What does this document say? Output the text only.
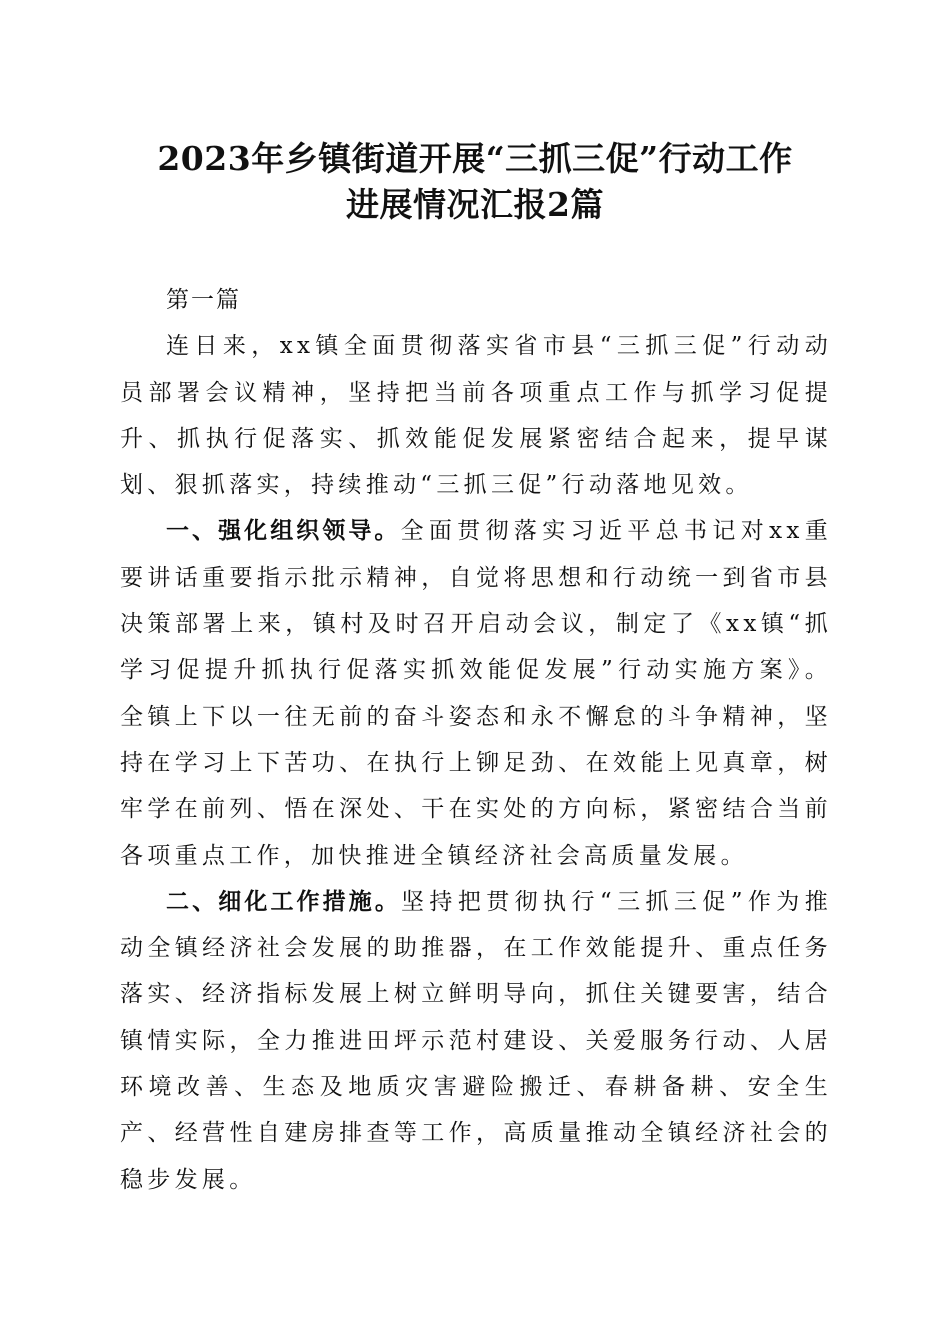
2023年乡镇街道开展“三抓三促”行动工作
进展情况汇报2篇

第一篇

连日来，xx镇全面贯彻落实省市县“三抓三促”行动动员部署会议精神，坚持把当前各项重点工作与抓学习促提升、抓执行促落实、抓效能促发展紧密结合起来，提早谋划、狠抓落实，持续推动“三抓三促”行动落地见效。

一、强化组织领导。全面贯彻落实习近平总书记对xx重要讲话重要指示批示精神，自觉将思想和行动统一到省市县决策部署上来，镇村及时召开启动会议，制定了《xx镇“抓学习促提升抓执行促落实抓效能促发展”行动实施方案》。全镇上下以一往无前的奋斗姿态和永不懈怠的斗争精神，坚持在学习上下苦功、在执行上铆足劲、在效能上见真章，树牢学在前列、悟在深处、干在实处的方向标，紧密结合当前各项重点工作，加快推进全镇经济社会高质量发展。

二、细化工作措施。坚持把贯彻执行“三抓三促”作为推动全镇经济社会发展的助推器，在工作效能提升、重点任务落实、经济指标发展上树立鲜明导向，抓住关键要害，结合镇情实际，全力推进田坪示范村建设、关爱服务行动、人居环境改善、生态及地质灾害避险搬迁、春耕备耕、安全生产、经营性自建房排查等工作，高质量推动全镇经济社会的稳步发展。
